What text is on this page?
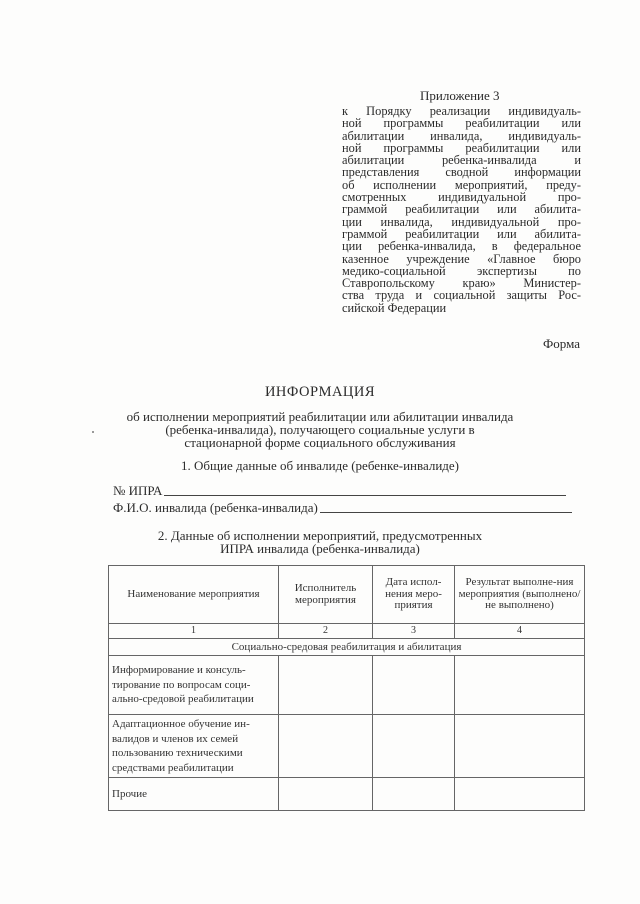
Приложение 3

к Порядку реализации индивидуаль-
ной программы реабилитации или
абилитации инвалида, индивидуаль-
ной программы реабилитации или
абилитации ребенка-инвалида и
представления сводной информации
об исполнении мероприятий, преду-
смотренных индивидуальной про-
граммой реабилитации или абилита-
ции инвалида, индивидуальной про-
граммой реабилитации или абилита-
ции ребенка-инвалида, в федеральное
казенное учреждение «Главное бюро
медико-социальной экспертизы по
Ставропольскому краю» Министер-
ства труда и социальной защиты Рос-
сийской Федерации

Форма
ИНФОРМАЦИЯ
об исполнении мероприятий реабилитации или абилитации инвалида
(ребенка-инвалида), получающего социальные услуги в
стационарной форме социального обслуживания
1. Общие данные об инвалиде (ребенке-инвалиде)
№ ИПРА
Ф.И.О. инвалида (ребенка-инвалида)
2. Данные об исполнении мероприятий, предусмотренных
ИПРА инвалида (ребенка-инвалида)
Наименование мероприятия	Исполнитель мероприятия	Дата испол-нения меро-приятия	Результат выполне-ния мероприятия (выполнено/ не выполнено)
1	2	3	4
Социально-средовая реабилитация и абилитация			
Информирование и консуль-тирование по вопросам соци-ально-средовой реабилитации			
Адаптационное обучение ин-валидов и членов их семей пользованию техническими средствами реабилитации			
Прочие			
